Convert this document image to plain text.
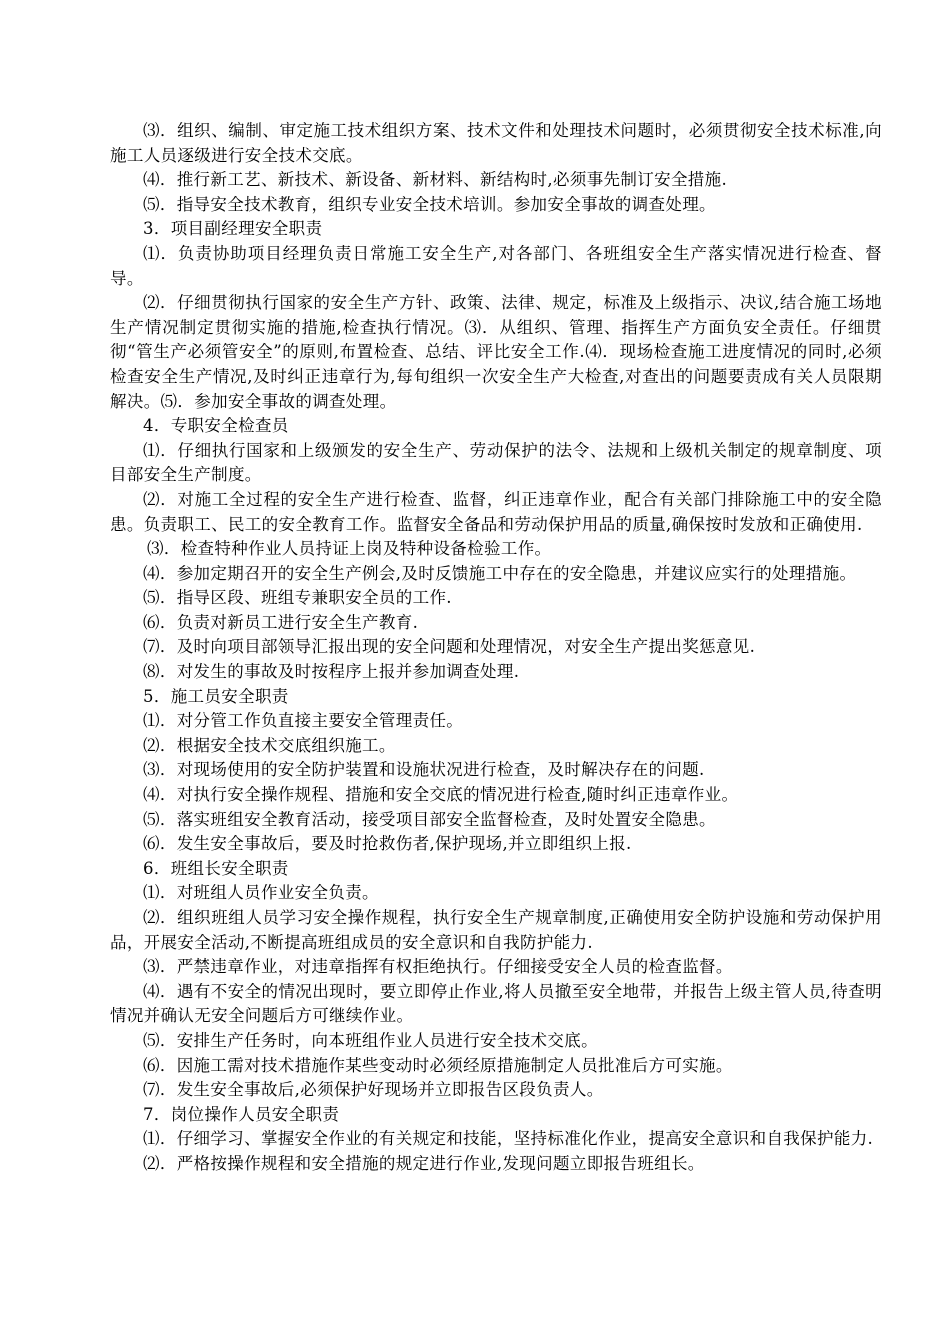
⑶．组织、编制、审定施工技术组织方案、技术文件和处理技术问题时，必须贯彻安全技术标准,向施工人员逐级进行安全技术交底。

⑷．推行新工艺、新技术、新设备、新材料、新结构时,必须事先制订安全措施.

⑸．指导安全技术教育，组织专业安全技术培训。参加安全事故的调查处理。

3．项目副经理安全职责

⑴．负责协助项目经理负责日常施工安全生产,对各部门、各班组安全生产落实情况进行检查、督导。

⑵．仔细贯彻执行国家的安全生产方针、政策、法律、规定，标准及上级指示、决议,结合施工场地生产情况制定贯彻实施的措施,检查执行情况。⑶．从组织、管理、指挥生产方面负安全责任。仔细贯彻“管生产必须管安全”的原则,布置检查、总结、评比安全工作.⑷．现场检查施工进度情况的同时,必须检查安全生产情况,及时纠正违章行为,每旬组织一次安全生产大检查,对查出的问题要责成有关人员限期解决。⑸．参加安全事故的调查处理。

4．专职安全检查员

⑴．仔细执行国家和上级颁发的安全生产、劳动保护的法令、法规和上级机关制定的规章制度、项目部安全生产制度。

⑵．对施工全过程的安全生产进行检查、监督，纠正违章作业，配合有关部门排除施工中的安全隐患。负责职工、民工的安全教育工作。监督安全备品和劳动保护用品的质量,确保按时发放和正确使用.

⑶．检查特种作业人员持证上岗及特种设备检验工作。

⑷．参加定期召开的安全生产例会,及时反馈施工中存在的安全隐患，并建议应实行的处理措施。

⑸．指导区段、班组专兼职安全员的工作.

⑹．负责对新员工进行安全生产教育.

⑺．及时向项目部领导汇报出现的安全问题和处理情况，对安全生产提出奖惩意见.

⑻．对发生的事故及时按程序上报并参加调查处理.

5．施工员安全职责

⑴．对分管工作负直接主要安全管理责任。

⑵．根据安全技术交底组织施工。

⑶．对现场使用的安全防护装置和设施状况进行检查，及时解决存在的问题.

⑷．对执行安全操作规程、措施和安全交底的情况进行检查,随时纠正违章作业。

⑸．落实班组安全教育活动，接受项目部安全监督检查，及时处置安全隐患。

⑹．发生安全事故后，要及时抢救伤者,保护现场,并立即组织上报.

6．班组长安全职责

⑴．对班组人员作业安全负责。

⑵．组织班组人员学习安全操作规程，执行安全生产规章制度,正确使用安全防护设施和劳动保护用品，开展安全活动,不断提高班组成员的安全意识和自我防护能力.

⑶．严禁违章作业，对违章指挥有权拒绝执行。仔细接受安全人员的检查监督。

⑷．遇有不安全的情况出现时，要立即停止作业,将人员撤至安全地带，并报告上级主管人员,待查明情况并确认无安全问题后方可继续作业。

⑸．安排生产任务时，向本班组作业人员进行安全技术交底。

⑹．因施工需对技术措施作某些变动时必须经原措施制定人员批准后方可实施。

⑺．发生安全事故后,必须保护好现场并立即报告区段负责人。

7．岗位操作人员安全职责

⑴．仔细学习、掌握安全作业的有关规定和技能，坚持标准化作业，提高安全意识和自我保护能力.

⑵．严格按操作规程和安全措施的规定进行作业,发现问题立即报告班组长。
